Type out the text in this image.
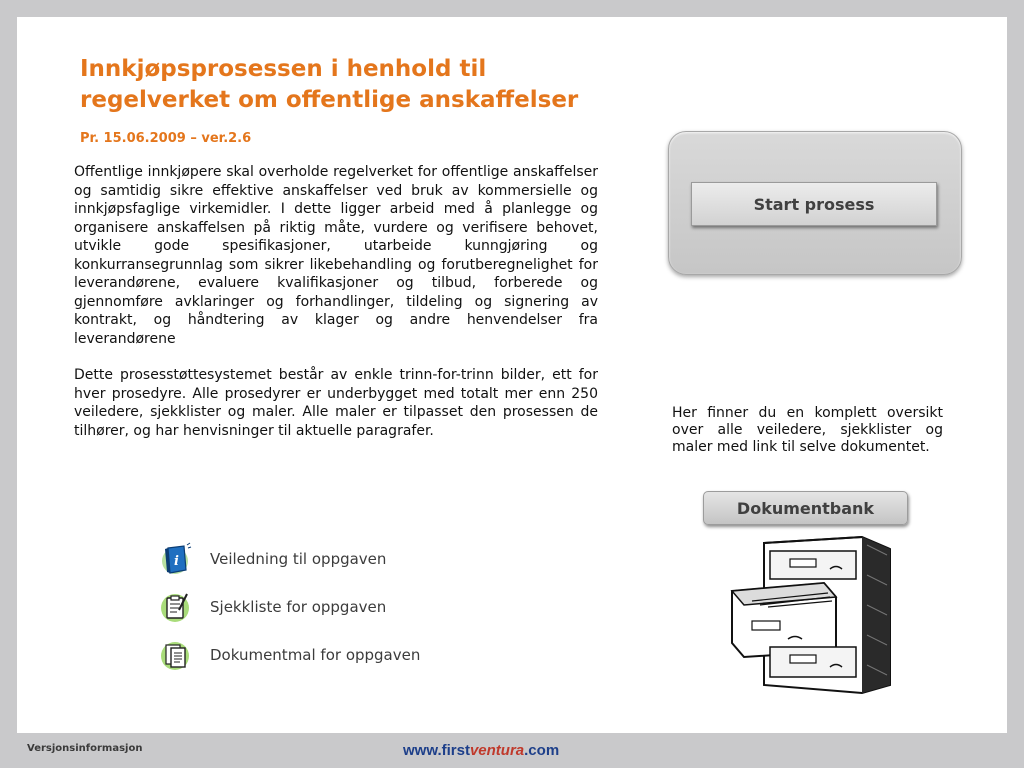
Innkjøpsprosessen i henhold til
regelverket om offentlige anskaffelser
Pr. 15.06.2009 – ver.2.6

Offentlige innkjøpere skal overholde regelverket for offentlige anskaffelser og samtidig sikre effektive anskaffelser ved bruk av kommersielle og innkjøpsfaglige virkemidler. I dette ligger arbeid med å planlegge og organisere anskaffelsen på riktig måte, vurdere og verifisere behovet, utvikle gode spesifikasjoner, utarbeide kunngjøring og konkurransegrunnlag som sikrer likebehandling og forutberegnelighet for leverandørene, evaluere kvalifikasjoner og tilbud, forberede og gjennomføre avklaringer og forhandlinger, tildeling og signering av kontrakt, og håndtering av klager og andre henvendelser fra leverandørene

Dette prosesstøttesystemet består av enkle trinn-for-trinn bilder, ett for hver prosedyre. Alle prosedyrer er underbygget med totalt mer enn 250 veiledere, sjekklister og maler. Alle maler er tilpasset den prosessen de tilhører, og har henvisninger til aktuelle paragrafer.

Start prosess
Her finner du en komplett oversikt over alle veiledere, sjekklister og maler med link til selve dokumentet.
Dokumentbank
i Veiledning til oppgaven
Sjekkliste for oppgaven
Dokumentmal for oppgaven
Versjonsinformasjon	www.firstventura.com
